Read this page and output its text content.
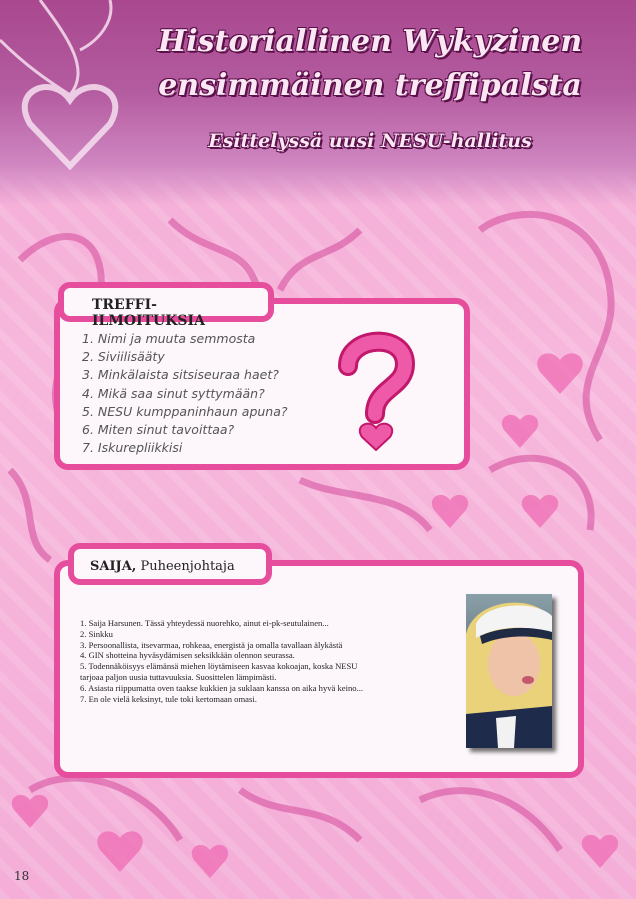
Historiallinen Wykyzinen
ensimmäinen treffipalsta
Esittelyssä uusi NESU-hallitus
TREFFI-ILMOITUKSIA
1. Nimi ja muuta semmosta
2. Siviilisääty
3. Minkälaista sitsiseuraa haet?
4. Mikä saa sinut syttymään?
5. NESU kumppaninhaun apuna?
6. Miten sinut tavoittaa?
7. Iskurepliikkisi
SAIJA, Puheenjohtaja
1. Saija Harsunen. Tässä yhteydessä nuorehko, ainut ei-pk-seutulainen...
2. Sinkku
3. Persoonallista, itsevarmaa, rohkeaa, energistä ja omalla tavallaan älykästä
4. GIN shotteina hyväsydämisen seksikkään olennon seurassa.
5. Todennäköisyys elämänsä miehen löytämiseen kasvaa kokoajan, koska NESU
tarjoaa paljon uusia tuttavuuksia. Suosittelen lämpimästi.
6. Asiasta riippumatta oven taakse kukkien ja suklaan kanssa on aika hyvä keino...
7. En ole vielä keksinyt, tule toki kertomaan omasi.
18
